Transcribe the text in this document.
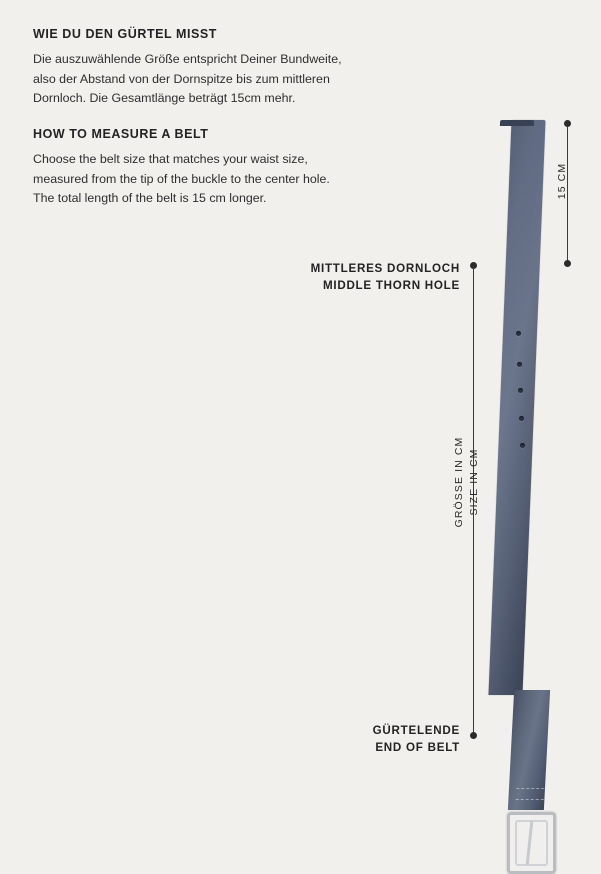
WIE DU DEN GÜRTEL MISST
Die auszuwählende Größe entspricht Deiner Bundweite,
also der Abstand von der Dornspitze bis zum mittleren
Dornloch. Die Gesamtlänge beträgt 15cm mehr.
HOW TO MEASURE A BELT
Choose the belt size that matches your waist size,
measured from the tip of the buckle to the center hole.
The total length of the belt is 15 cm longer.	15 CM
GRÖSSE IN CM SIZE IN CM
MITTLERES DORNLOCH
MIDDLE THORN HOLE
GÜRTELENDE
END OF BELT
